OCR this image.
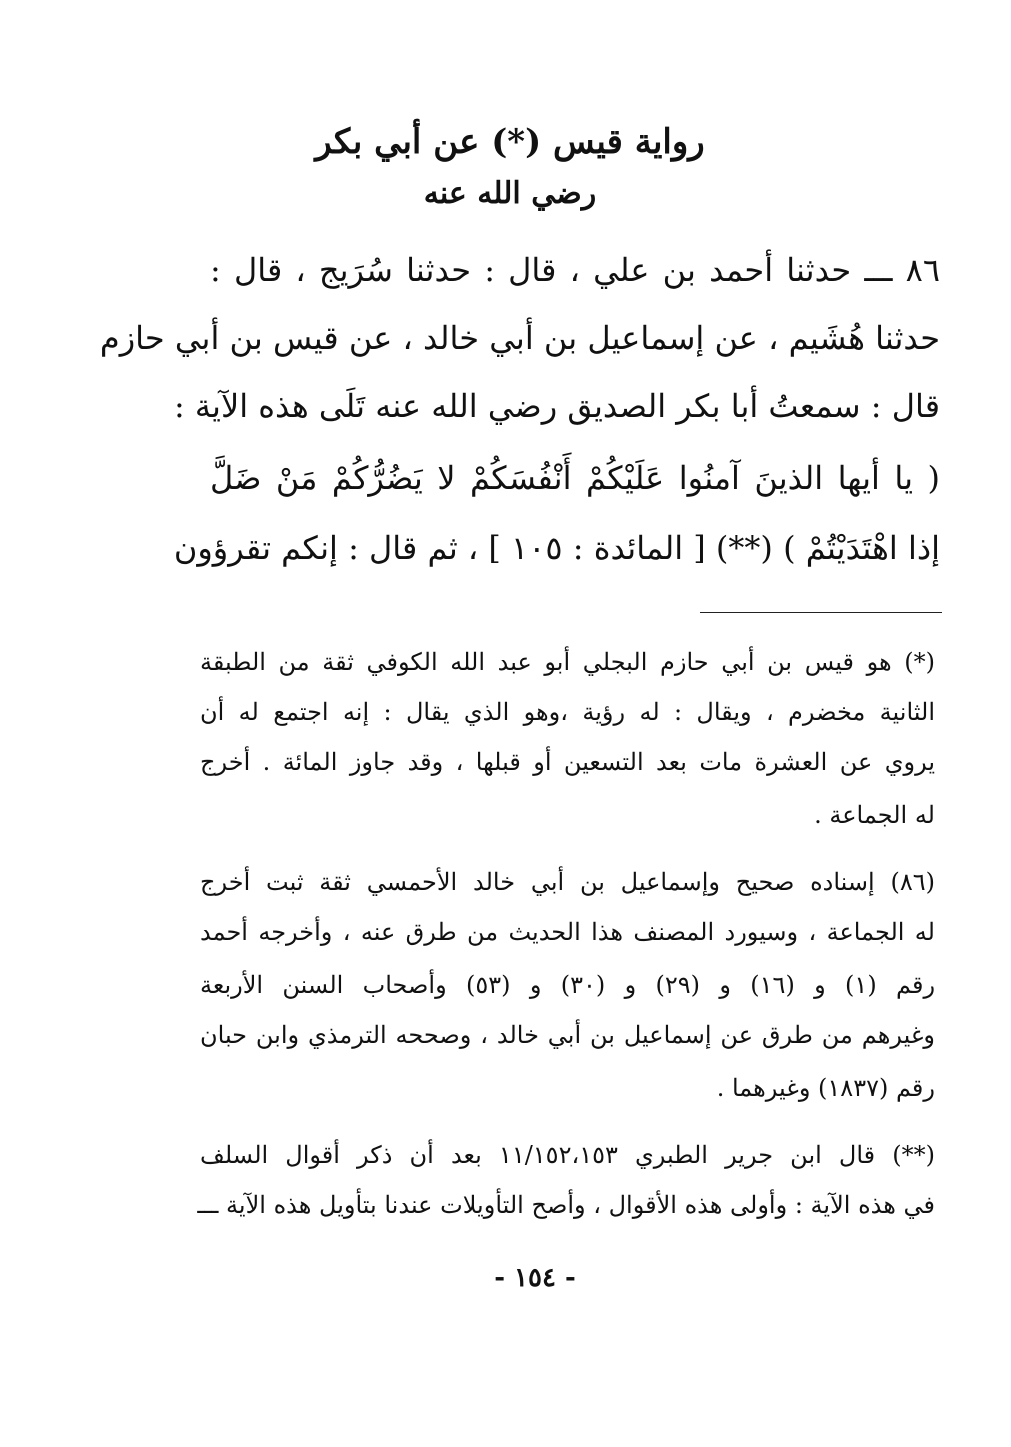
رواية قيس (*) عن أبي بكر
رضي الله عنه
٨٦ ـــ حدثنا أحمد بن علي ، قال : حدثنا سُرَيج ، قال :
حدثنا هُشَيم ، عن إسماعيل بن أبي خالد ، عن قيس بن أبي حازم
قال : سمعتُ أبا بكر الصديق رضي الله عنه تَلَى هذه الآية :
( يا أيها الذينَ آمنُوا عَلَيْكُمْ أَنْفُسَكُمْ لا يَضُرُّكُمْ مَنْ ضَلَّ
إذا اهْتَدَيْتُمْ ) (**) [ المائدة : ١٠٥ ] ، ثم قال : إنكم تقرؤون
(*) هو قيس بن أبي حازم البجلي أبو عبد الله الكوفي ثقة من الطبقة
الثانية مخضرم ، ويقال : له رؤية ،وهو الذي يقال : إنه اجتمع له أن
يروي عن العشرة مات بعد التسعين أو قبلها ، وقد جاوز المائة . أخرج
له الجماعة .
(٨٦) إسناده صحيح وإسماعيل بن أبي خالد الأحمسي ثقة ثبت أخرج
له الجماعة ، وسيورد المصنف هذا الحديث من طرق عنه ، وأخرجه أحمد
رقم (١) و (١٦) و (٢٩) و (٣٠) و (٥٣) وأصحاب السنن الأربعة
وغيرهم من طرق عن إسماعيل بن أبي خالد ، وصححه الترمذي وابن حبان
رقم (١٨٣٧) وغيرهما .
(**) قال ابن جرير الطبري ١١/١٥٢،١٥٣ بعد أن ذكر أقوال السلف
في هذه الآية : وأولى هذه الأقوال ، وأصح التأويلات عندنا بتأويل هذه الآية ـــ
- ١٥٤ -
